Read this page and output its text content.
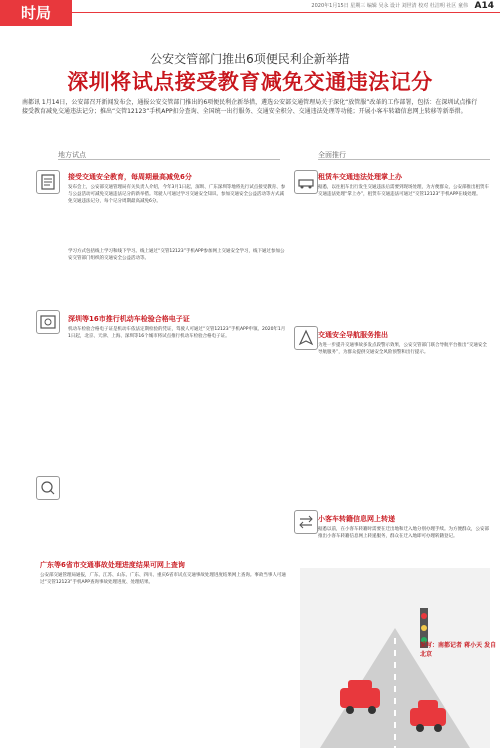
时局	2020年1月15日 星期三 编辑 吴永 设计 刘世清 校对 杜洁明 社区 童伟 A14
公安交管部门推出6项便民利企新举措
深圳将试点接受教育减免交通违法记分
南都讯 1月14日，公安部召开新闻发布会，通报公安交管部门推出的6项便民利企新举措，遴选公安部交通管理局关于深化“放管服”改革的工作部署，包括：在深圳试点推行接受教育减免交通违法记分；推出“交管12123”手机APP扣分查询、全国统一出行服务、交通安全积分、交通违法处理等功能；开展小客车转籍信息网上转移等新举措。
地方试点	全面推行
接受交通安全教育，每周期最高减免6分
发布会上，公安部交通管理局有关负责人介绍，今年3月1日起，深圳、广东深圳等地将先行试点接受教育、参与公益活动可减免交通违法记分的新举措。驾驶人可通过学习交通安全知识、参加交通安全公益活动等方式减免交通违法记分，每个记分周期最高减免6分。
学习方式包括线上学习和线下学习。线上通过“交管12123”手机APP参加网上交通安全学习，线下通过参加公安交管部门组织的交通安全公益活动等。
深圳等16市推行机动车检验合格电子证
机动车检验合格电子证是机动车依法定期检验的凭证，驾驶人可通过“交管12123”手机APP申领。2020年1月1日起，北京、天津、上海、深圳等16个城市将试点推行机动车检验合格电子证。
广东等6省市交通事故处理进度结果可网上查询
公安部交通管理局通报，广东、江苏、山东、广东、四川、重庆6省市试点交通事故处理进度结果网上查询。事故当事人可通过“交管12123”手机APP查询事故处理进度、处理结果。
租赁车交通违法处理掌上办
据悉，以往租车出行发生交通违法后需要到现场处理，为方便群众，公安部推出租赁车交通违法处理“掌上办”，租赁车交通违法可通过“交管12123”手机APP在线处理。
交通安全导航服务推出
为进一步提升交通事故多发点段警示效果，公安交管部门联合导航平台推出“交通安全导航服务”，为群众提供交通安全风险预警和出行提示。
小客车转籍信息网上转递
据悉以前，在小客车转籍时需要在迁出地和迁入地分别办理手续。为方便群众，公安部推出小客车转籍信息网上转递服务，群众在迁入地即可办理转籍登记。
采写：南都记者 蒋小天 发自北京
